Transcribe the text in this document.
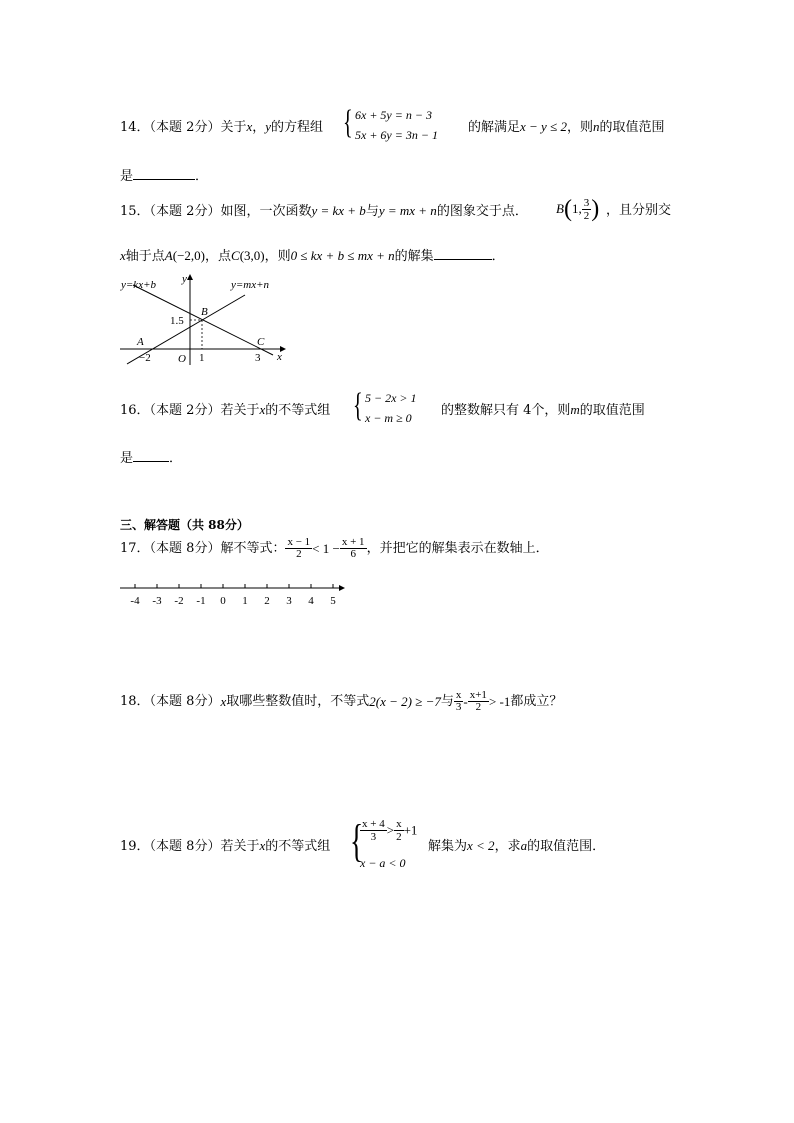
14．（本题 2分）关于x，y的方程组 { 6x + 5y = n − 3
5x + 6y = 3n − 1 的解满足x − y ≤ 2，则n的取值范围
是	．
15．（本题 2分）如图，一次函数y = kx + b与y = mx + n的图象交于点． B(1, $\frac{3}{2}$ ) ，且分别交
x轴于点A(−2,0)，点C(3,0)，则0 ≤ kx + b ≤ mx + n的解集	．
y=kx+b	y=mx+n
y
x
B
A	C
O
1.5
−2	1	3
16．（本题 2分）若关于x的不等式组 { 5 − 2x > 1
x − m ≥ 0 的整数解只有 4个，则m的取值范围
是	．
三、解答题（共 88分）
17．（本题 8分）解不等式： $\frac{x - 1}{2} < 1 - \frac{x + 1}{6}$ ，并把它的解集表示在数轴上．
-4 -3 -2 -1 0 1 2 3 4 5
18．（本题 8分）x取哪些整数值时，不等式2(x − 2) ≥ −7与 $\frac{x}{3} - \frac{x+1}{2} > -1$都成立？
19．（本题 8分）若关于x的不等式组 {
$\frac{x + 4}{3} > \frac{x}{2} +1$
x − a < 0
解集为x < 2，求a的取值范围．
